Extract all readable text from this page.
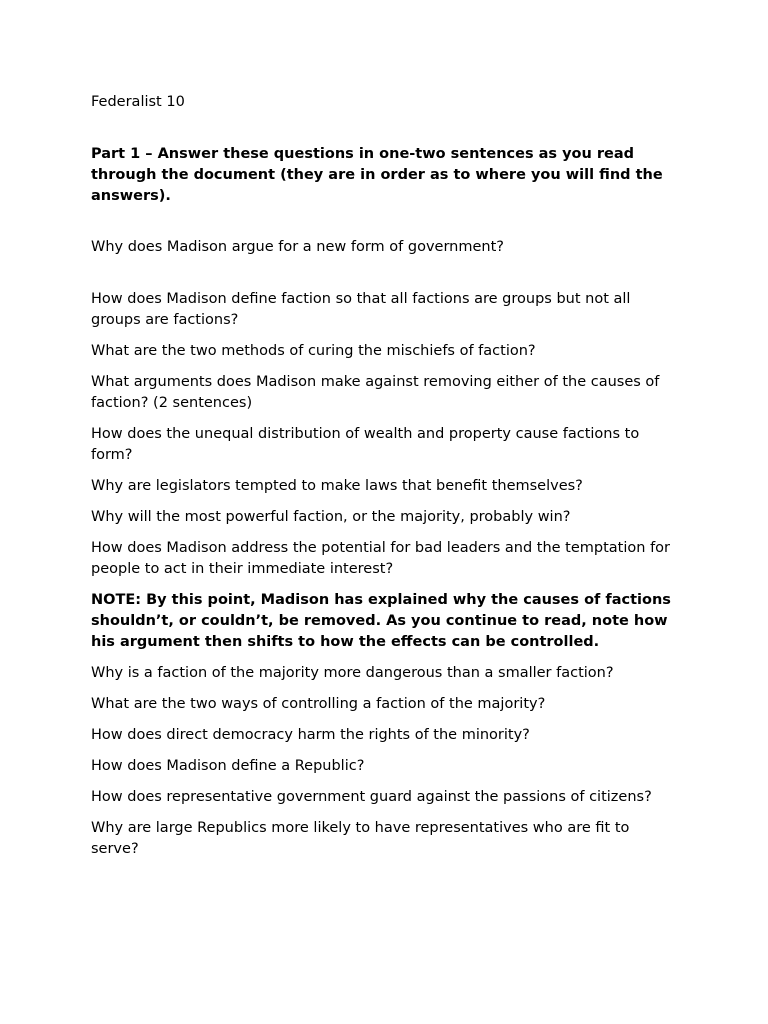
Federalist 10

Part 1 – Answer these questions in one-two sentences as you read through the document (they are in order as to where you will find the answers).

Why does Madison argue for a new form of government?
How does Madison define faction so that all factions are groups but not all groups are factions?
What are the two methods of curing the mischiefs of faction?
What arguments does Madison make against removing either of the causes of faction? (2 sentences)
How does the unequal distribution of wealth and property cause factions to form?
Why are legislators tempted to make laws that benefit themselves?
Why will the most powerful faction, or the majority, probably win?
How does Madison address the potential for bad leaders and the temptation for people to act in their immediate interest?
NOTE: By this point, Madison has explained why the causes of factions shouldn’t, or couldn’t, be removed. As you continue to read, note how his argument then shifts to how the effects can be controlled.
Why is a faction of the majority more dangerous than a smaller faction?
What are the two ways of controlling a faction of the majority?
How does direct democracy harm the rights of the minority?
How does Madison define a Republic?
How does representative government guard against the passions of citizens?
Why are large Republics more likely to have representatives who are fit to serve?
